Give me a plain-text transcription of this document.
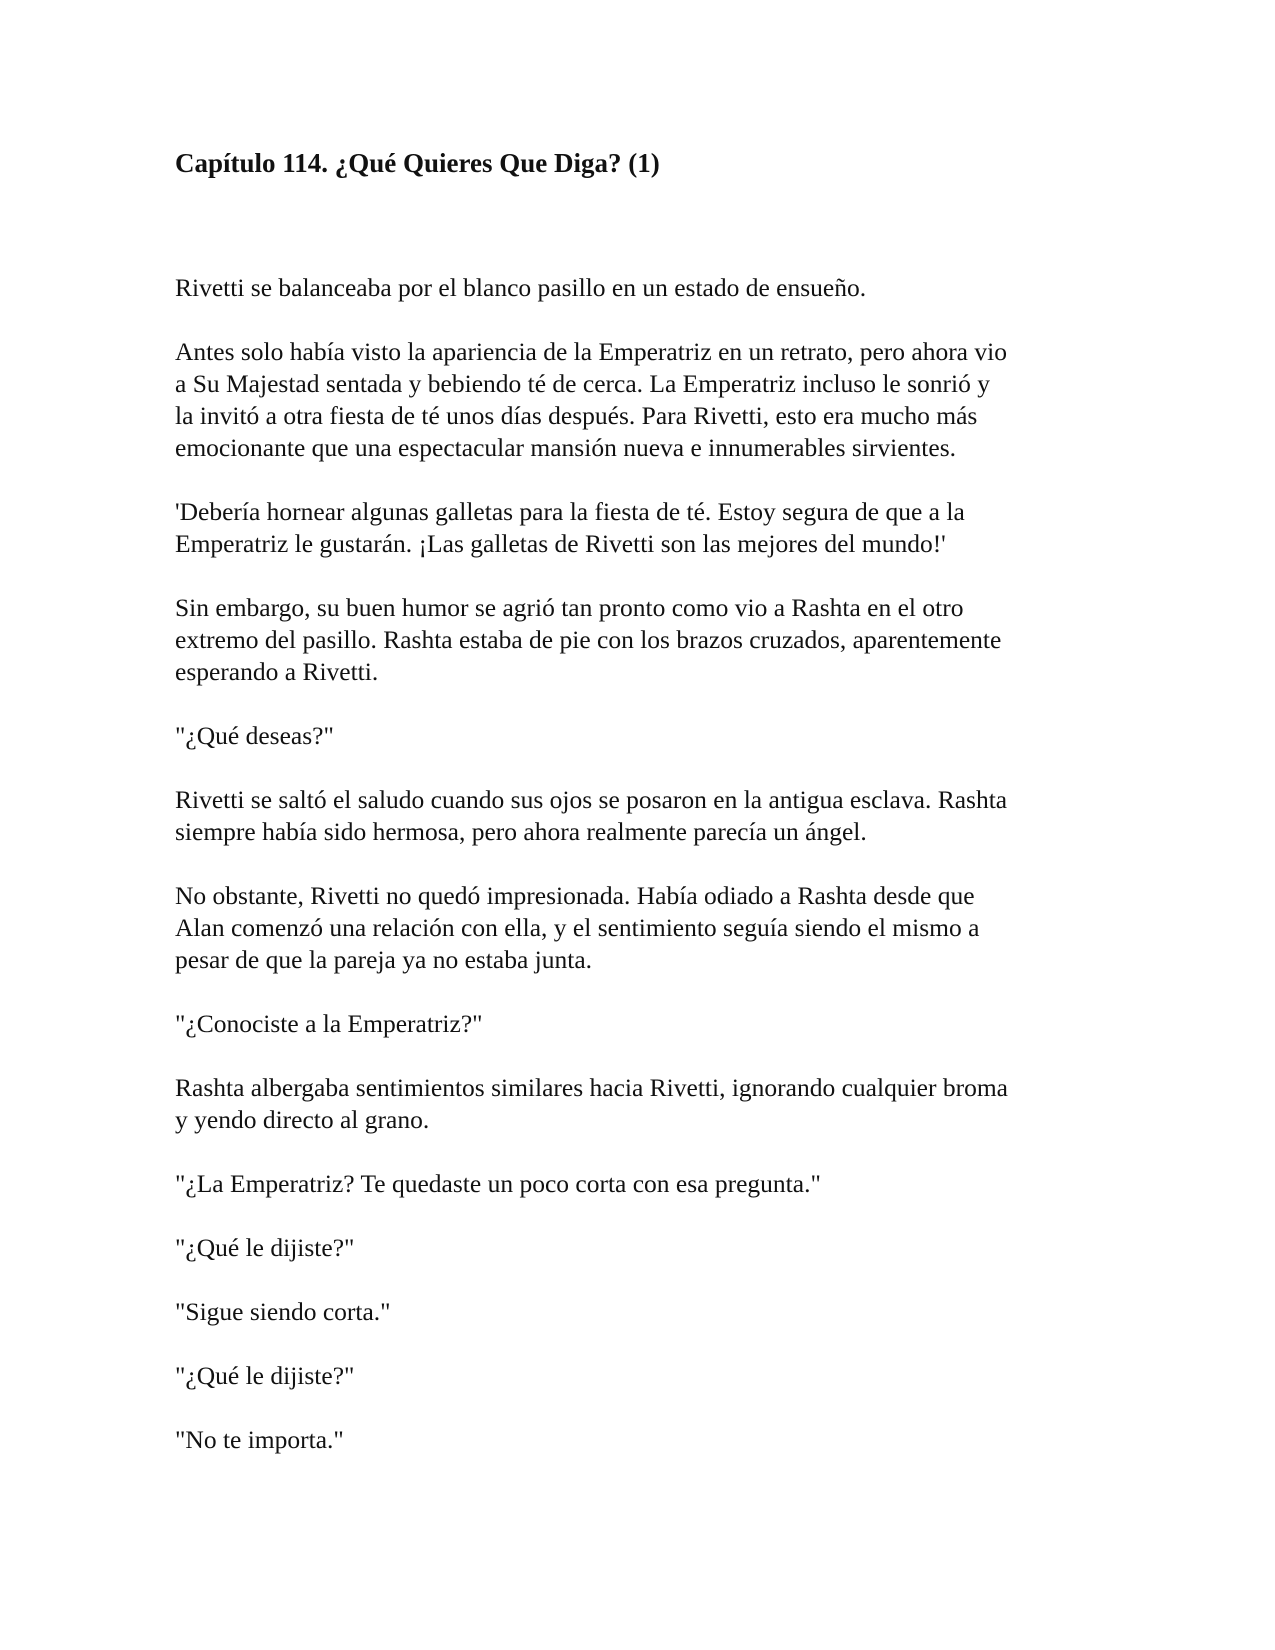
Capítulo 114. ¿Qué Quieres Que Diga? (1)

Rivetti se balanceaba por el blanco pasillo en un estado de ensueño.

Antes solo había visto la apariencia de la Emperatriz en un retrato, pero ahora vio
a Su Majestad sentada y bebiendo té de cerca. La Emperatriz incluso le sonrió y
la invitó a otra fiesta de té unos días después. Para Rivetti, esto era mucho más
emocionante que una espectacular mansión nueva e innumerables sirvientes.

'Debería hornear algunas galletas para la fiesta de té. Estoy segura de que a la
Emperatriz le gustarán. ¡Las galletas de Rivetti son las mejores del mundo!'

Sin embargo, su buen humor se agrió tan pronto como vio a Rashta en el otro
extremo del pasillo. Rashta estaba de pie con los brazos cruzados, aparentemente
esperando a Rivetti.

"¿Qué deseas?"

Rivetti se saltó el saludo cuando sus ojos se posaron en la antigua esclava. Rashta
siempre había sido hermosa, pero ahora realmente parecía un ángel.

No obstante, Rivetti no quedó impresionada. Había odiado a Rashta desde que
Alan comenzó una relación con ella, y el sentimiento seguía siendo el mismo a
pesar de que la pareja ya no estaba junta.

"¿Conociste a la Emperatriz?"

Rashta albergaba sentimientos similares hacia Rivetti, ignorando cualquier broma
y yendo directo al grano.

"¿La Emperatriz? Te quedaste un poco corta con esa pregunta."

"¿Qué le dijiste?"

"Sigue siendo corta."

"¿Qué le dijiste?"

"No te importa."
